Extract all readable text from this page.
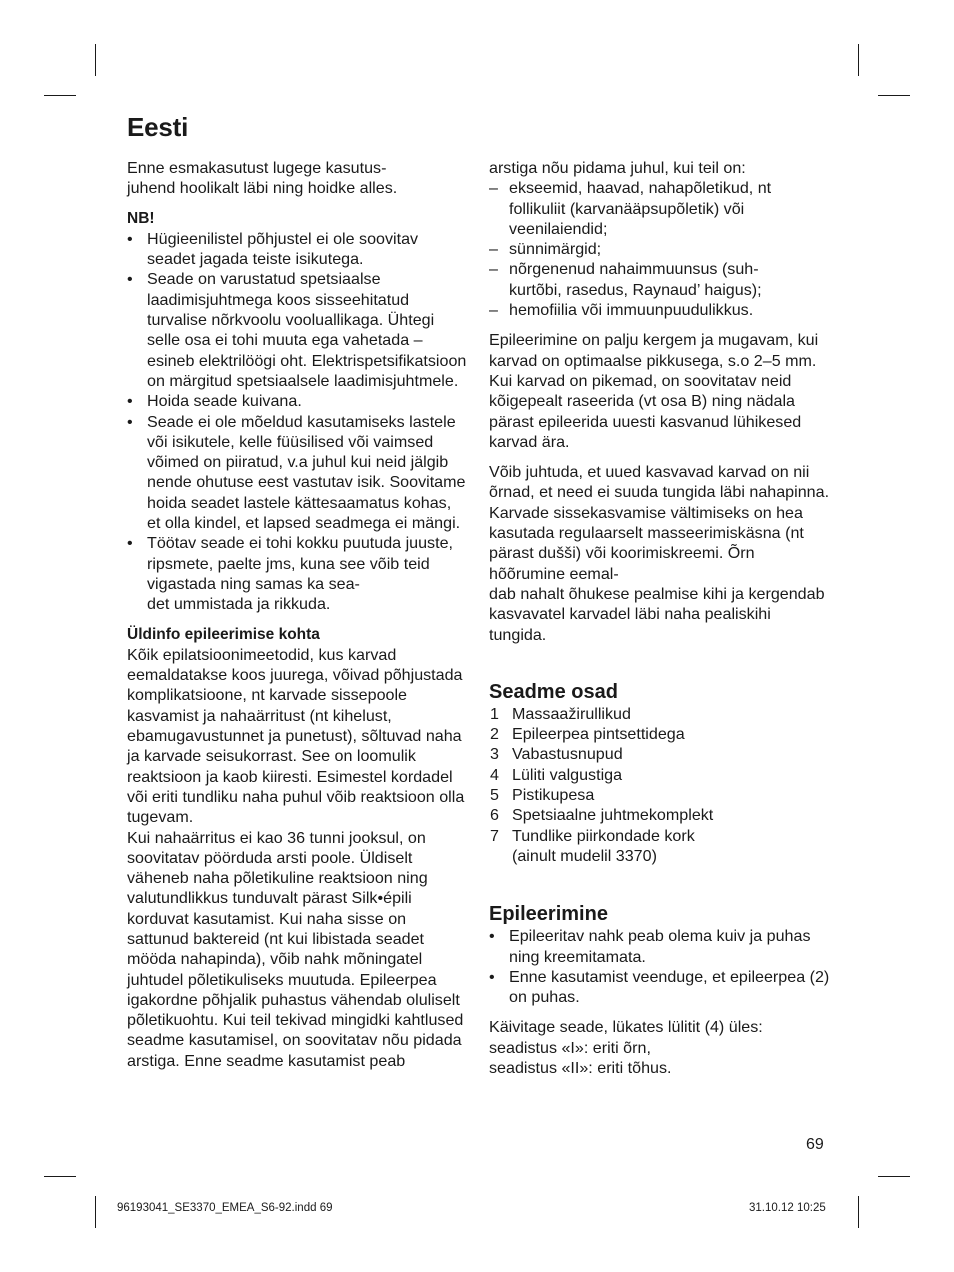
Eesti

Enne esmakasutust lugege kasutus-
juhend hoolikalt läbi ning hoidke alles.

NB!

• Hügieenilistel põhjustel ei ole soovitav seadet jagada teiste isikutega.
• Seade on varustatud spetsiaalse laadimisjuhtmega koos sisseehitatud turvalise nõrkvoolu vooluallikaga. Ühtegi selle osa ei tohi muuta ega vahetada – esineb elektrilöögi oht. Elektrispetsifikatsioon on märgitud spetsiaalsele laadimisjuhtmele.
• Hoida seade kuivana.
• Seade ei ole mõeldud kasutamiseks lastele või isikutele, kelle füüsilised või vaimsed võimed on piiratud, v.a juhul kui neid jälgib nende ohutuse eest vastutav isik. Soovitame hoida seadet lastele kättesaamatus kohas, et olla kindel, et lapsed seadmega ei mängi.
• Töötav seade ei tohi kokku puutuda juuste, ripsmete, paelte jms, kuna see võib teid vigastada ning samas ka sea-
det ummistada ja rikkuda.

Üldinfo epileerimise kohta

Kõik epilatsioonimeetodid, kus karvad eemaldatakse koos juurega, võivad põhjustada komplikatsioone, nt karvade sissepoole kasvamist ja nahaärritust (nt kihelust, ebamugavustunnet ja punetust), sõltuvad naha ja karvade seisukorrast. See on loomulik reaktsioon ja kaob kiiresti. Esimestel kordadel või eriti tundliku naha puhul võib reaktsioon olla tugevam.
Kui nahaärritus ei kao 36 tunni jooksul, on soovitatav pöörduda arsti poole. Üldiselt väheneb naha põletikuline reaktsioon ning valutundlikkus tunduvalt pärast Silk•épili korduvat kasutamist. Kui naha sisse on sattunud baktereid (nt kui libistada seadet mööda nahapinda), võib nahk mõningatel juhtudel põletikuliseks muutuda. Epileerpea igakordne põhjalik puhastus vähendab oluliselt põletikuohtu. Kui teil tekivad mingidki kahtlused seadme kasutamisel, on soovitatav nõu pidada arstiga. Enne seadme kasutamist peab

arstiga nõu pidama juhul, kui teil on:

– ekseemid, haavad, nahapõletikud, nt follikuliit (karvanääpsupõletik) või veenilaiendid;
– sünnimärgid;
– nõrgenenud nahaimmuunsus (suh-
kurtõbi, rasedus, Raynaud’ haigus);
– hemofiilia või immuunpuudulikkus.

Epileerimine on palju kergem ja mugavam, kui karvad on optimaalse pikkusega, s.o 2–5 mm. Kui karvad on pikemad, on soovitatav neid kõigepealt raseerida (vt osa B) ning nädala pärast epileerida uuesti kasvanud lühikesed karvad ära.

Võib juhtuda, et uued kasvavad karvad on nii õrnad, et need ei suuda tungida läbi nahapinna. Karvade sissekasvamise vältimiseks on hea kasutada regulaarselt masseerimiskäsna (nt pärast dušši) või koorimiskreemi. Õrn hõõrumine eemal-
dab nahalt õhukese pealmise kihi ja kergendab kasvavatel karvadel läbi naha pealiskihi tungida.

Seadme osad
1 Massaažirullikud
2 Epileerpea pintsettidega
3 Vabastusnupud
4 Lüliti valgustiga
5 Pistikupesa
6 Spetsiaalne juhtmekomplekt
7 Tundlike piirkondade kork
(ainult mudelil 3370)
Epileerimine
• Epileeritav nahk peab olema kuiv ja puhas ning kreemitamata.
• Enne kasutamist veenduge, et epileerpea (2) on puhas.

Käivitage seade, lükates lülitit (4) üles:
seadistus «I»: eriti õrn,
seadistus «II»: eriti tõhus.

69
96193041_SE3370_EMEA_S6-92.indd 69	31.10.12 10:25
